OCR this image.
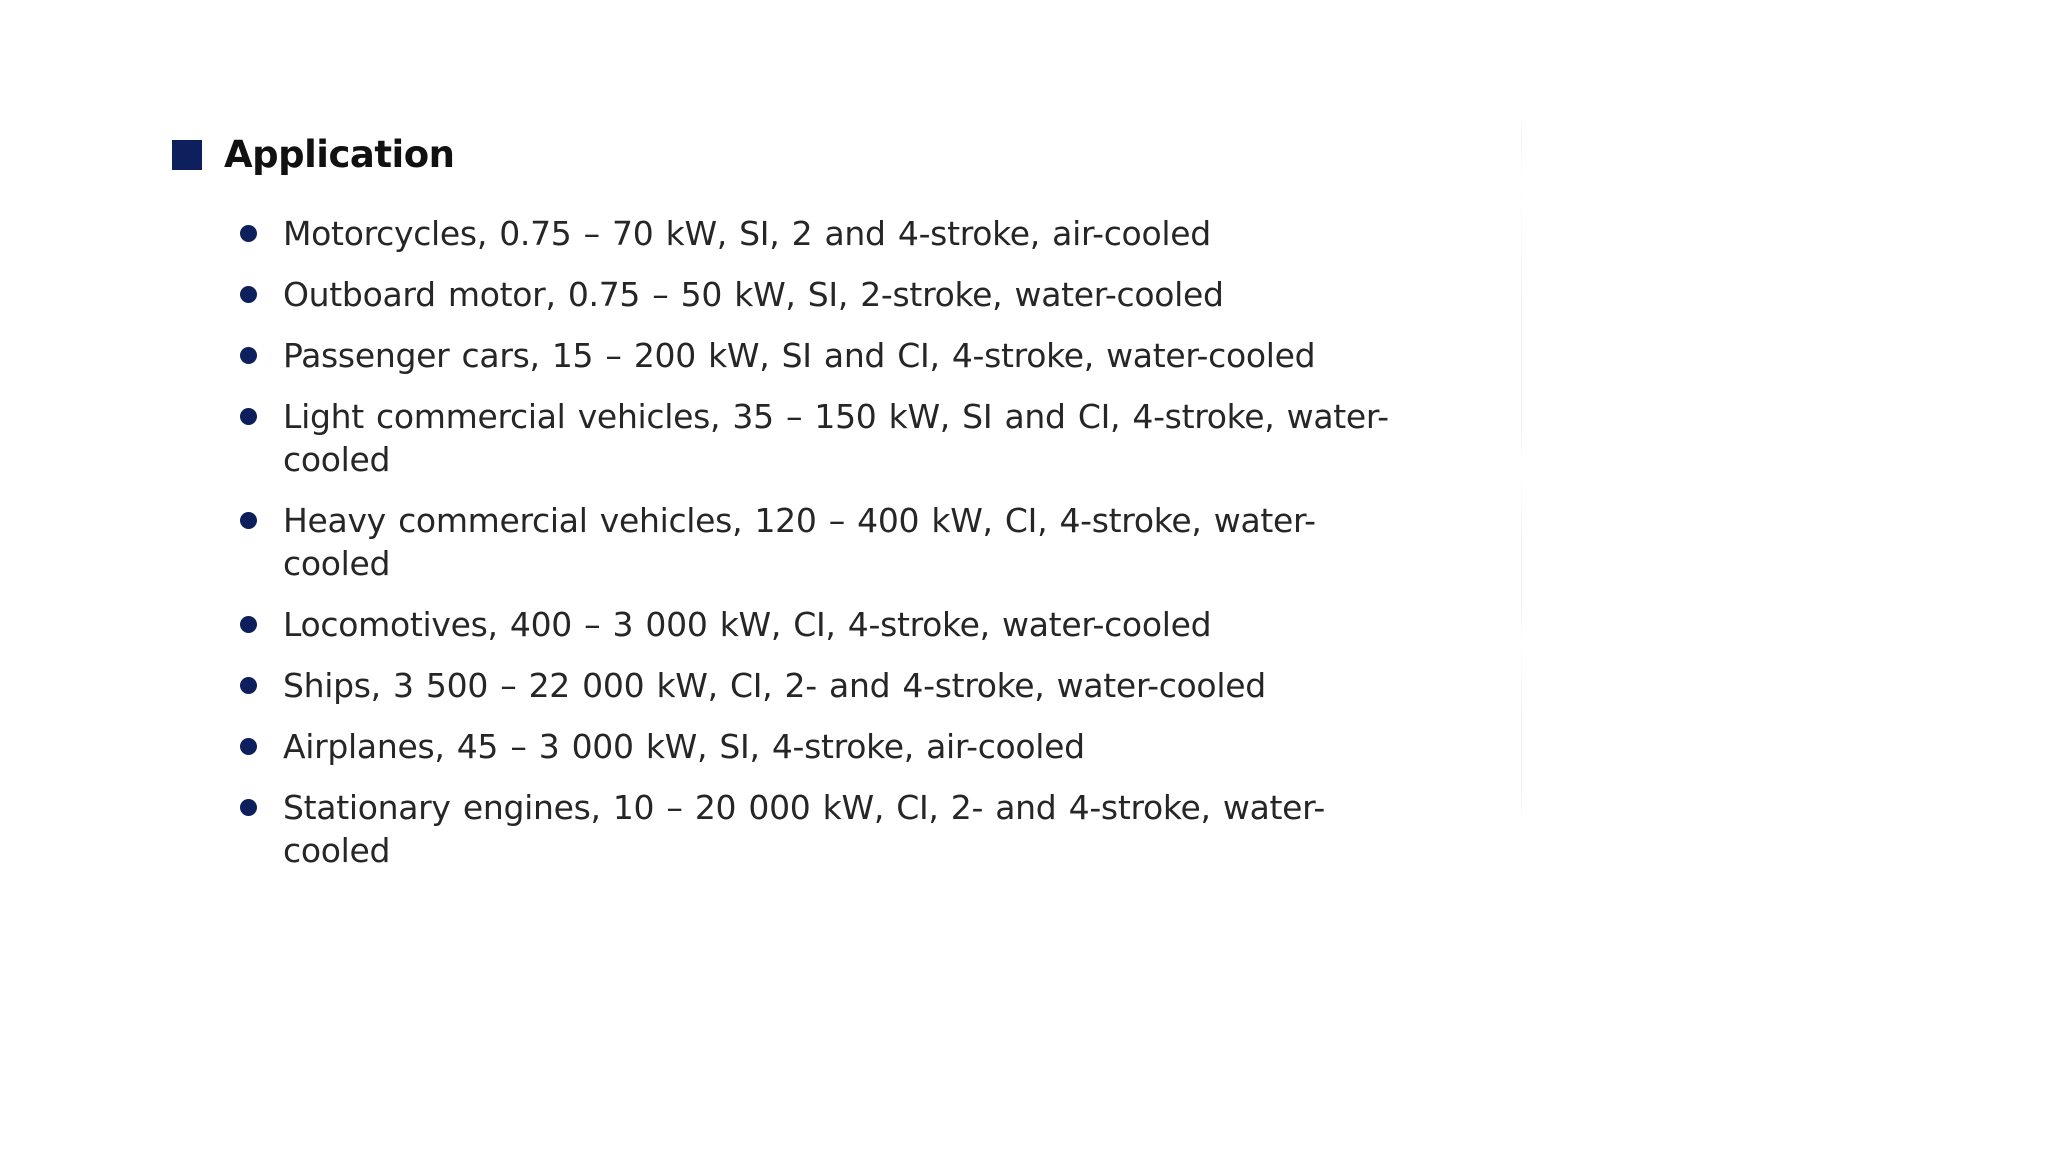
Application
Motorcycles, 0.75 – 70 kW, SI, 2 and 4-stroke, air-cooled
Outboard motor, 0.75 – 50 kW, SI, 2-stroke, water-cooled
Passenger cars, 15 – 200 kW, SI and CI, 4-stroke, water-cooled
Light commercial vehicles, 35 – 150 kW, SI and CI, 4-stroke, water-cooled
Heavy commercial vehicles, 120 – 400 kW, CI, 4-stroke, water-cooled
Locomotives, 400 – 3 000 kW, CI, 4-stroke, water-cooled
Ships, 3 500 – 22 000 kW, CI, 2- and 4-stroke, water-cooled
Airplanes, 45 – 3 000 kW, SI, 4-stroke, air-cooled
Stationary engines, 10 – 20 000 kW, CI, 2- and 4-stroke, water-cooled
